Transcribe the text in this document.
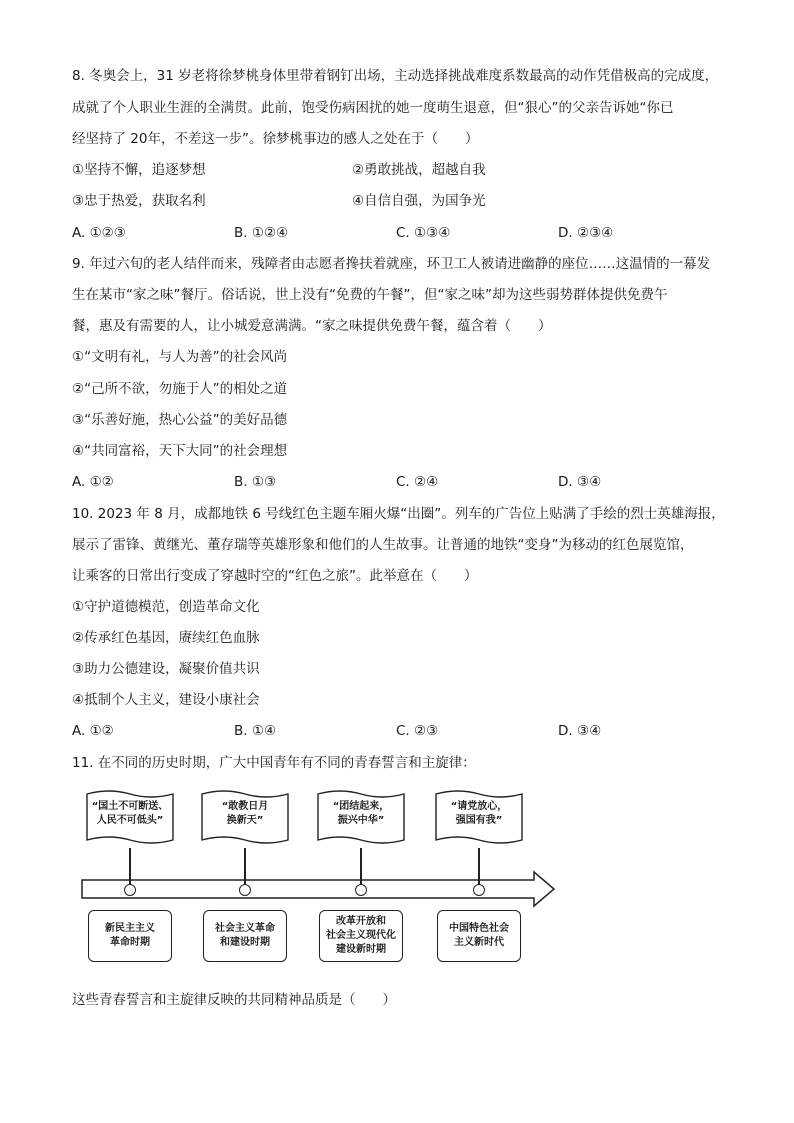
8. 冬奥会上，31 岁老将徐梦桃身体里带着钢钉出场，主动选择挑战难度系数最高的动作凭借极高的完成度，
成就了个人职业生涯的全满贯。此前，饱受伤病困扰的她一度萌生退意，但“狠心”的父亲告诉她“你已
经坚持了 20年，不差这一步”。徐梦桃事边的感人之处在于（　　）
①坚持不懈，追逐梦想	②勇敢挑战，超越自我
③忠于热爱，获取名利	④自信自强，为国争光
A. ①②③	B. ①②④	C. ①③④	D. ②③④
9. 年过六旬的老人结伴而来，残障者由志愿者搀扶着就座，环卫工人被请进幽静的座位……这温情的一幕发
生在某市“家之味”餐厅。俗话说，世上没有“免费的午餐”，但“家之味”却为这些弱势群体提供免费午
餐，惠及有需要的人，让小城爱意满满。“家之味提供免费午餐，蕴含着（　　）
①“文明有礼，与人为善”的社会风尚
②“己所不欲，勿施于人”的相处之道
③“乐善好施，热心公益”的美好品德
④“共同富裕，天下大同”的社会理想
A. ①②	B. ①③	C. ②④	D. ③④
10. 2023 年 8 月，成都地铁 6 号线红色主题车厢火爆“出圈”。列车的广告位上贴满了手绘的烈士英雄海报，
展示了雷锋、黄继光、董存瑞等英雄形象和他们的人生故事。让普通的地铁“变身”为移动的红色展览馆，
让乘客的日常出行变成了穿越时空的“红色之旅”。此举意在（　　）
①守护道德模范，创造革命文化
②传承红色基因，赓续红色血脉
③助力公德建设，凝聚价值共识
④抵制个人主义，建设小康社会
A. ①②	B. ①④	C. ②③	D. ③④
11. 在不同的历史时期，广大中国青年有不同的青春誓言和主旋律：
“国土不可断送、
人民不可低头”
“敢教日月
换新天”
“团结起来，
振兴中华”
“请党放心，
强国有我”
新民主主义
革命时期
社会主义革命
和建设时期
改革开放和
社会主义现代化
建设新时期
中国特色社会
主义新时代
这些青春誓言和主旋律反映的共同精神品质是（　　）
